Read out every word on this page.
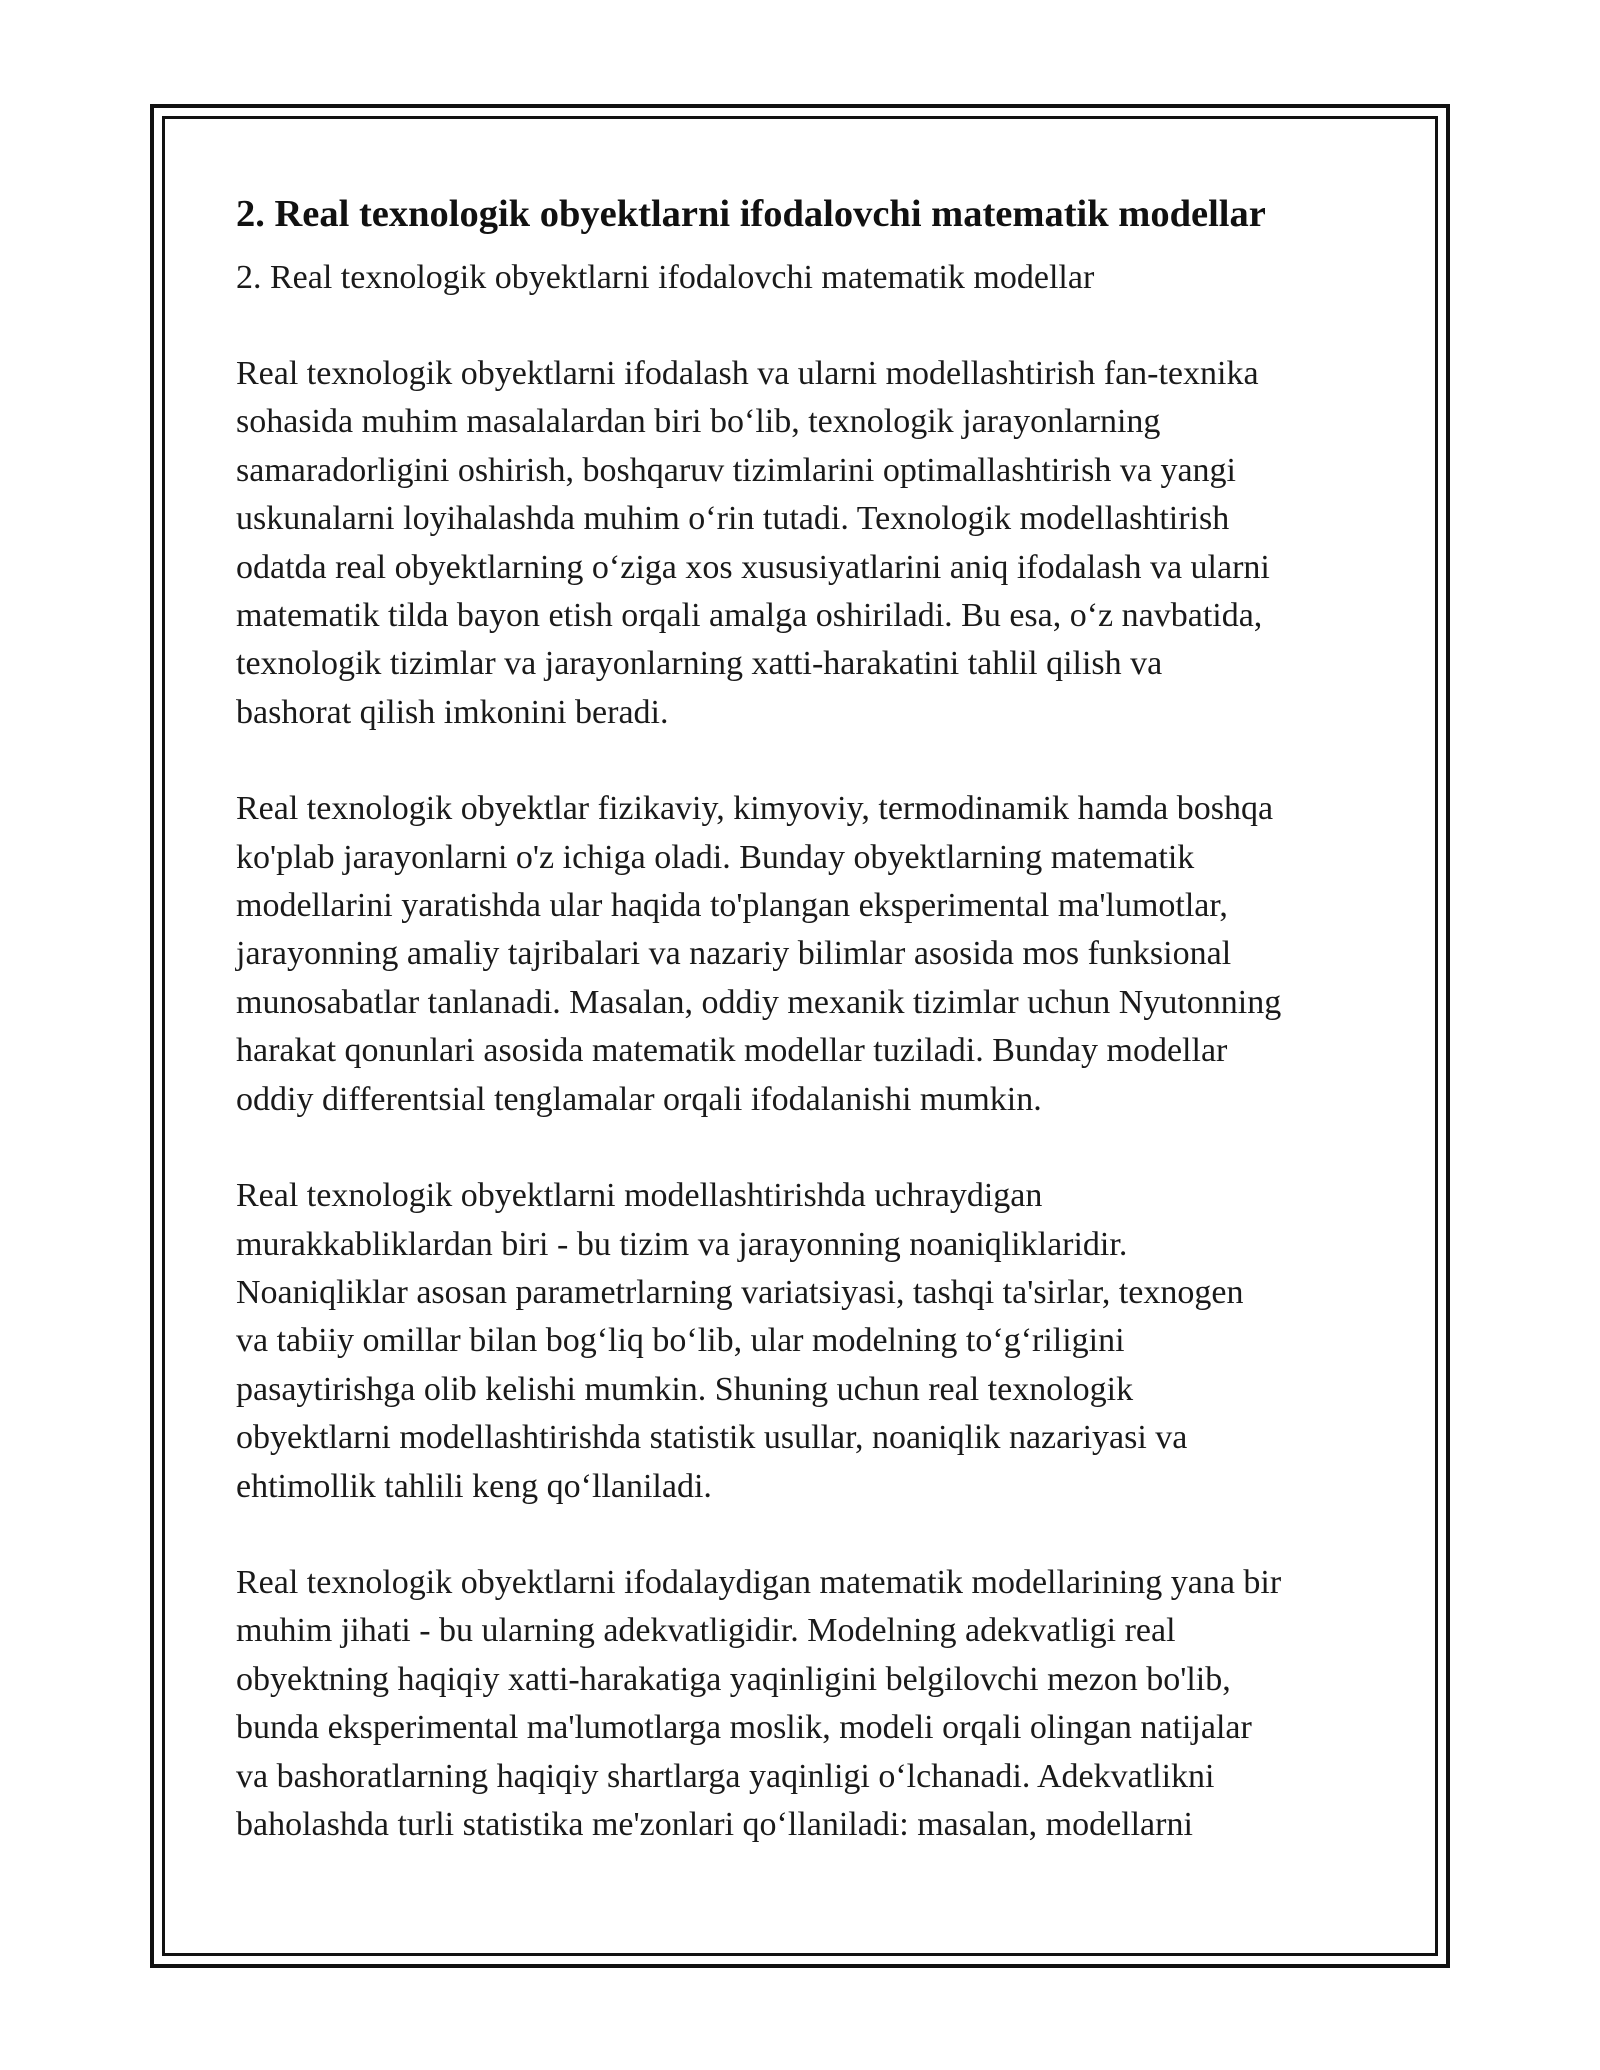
2. Real texnologik obyektlarni ifodalovchi matematik modellar

2. Real texnologik obyektlarni ifodalovchi matematik modellar

Real texnologik obyektlarni ifodalash va ularni modellashtirish fan-texnika
sohasida muhim masalalardan biri bo‘lib, texnologik jarayonlarning
samaradorligini oshirish, boshqaruv tizimlarini optimallashtirish va yangi
uskunalarni loyihalashda muhim o‘rin tutadi. Texnologik modellashtirish
odatda real obyektlarning o‘ziga xos xususiyatlarini aniq ifodalash va ularni
matematik tilda bayon etish orqali amalga oshiriladi. Bu esa, o‘z navbatida,
texnologik tizimlar va jarayonlarning xatti-harakatini tahlil qilish va
bashorat qilish imkonini beradi.

Real texnologik obyektlar fizikaviy, kimyoviy, termodinamik hamda boshqa
ko'plab jarayonlarni o'z ichiga oladi. Bunday obyektlarning matematik
modellarini yaratishda ular haqida to'plangan eksperimental ma'lumotlar,
jarayonning amaliy tajribalari va nazariy bilimlar asosida mos funksional
munosabatlar tanlanadi. Masalan, oddiy mexanik tizimlar uchun Nyutonning
harakat qonunlari asosida matematik modellar tuziladi. Bunday modellar
oddiy differentsial tenglamalar orqali ifodalanishi mumkin.

Real texnologik obyektlarni modellashtirishda uchraydigan
murakkabliklardan biri - bu tizim va jarayonning noaniqliklaridir.
Noaniqliklar asosan parametrlarning variatsiyasi, tashqi ta'sirlar, texnogen
va tabiiy omillar bilan bog‘liq bo‘lib, ular modelning to‘g‘riligini
pasaytirishga olib kelishi mumkin. Shuning uchun real texnologik
obyektlarni modellashtirishda statistik usullar, noaniqlik nazariyasi va
ehtimollik tahlili keng qo‘llaniladi.

Real texnologik obyektlarni ifodalaydigan matematik modellarining yana bir
muhim jihati - bu ularning adekvatligidir. Modelning adekvatligi real
obyektning haqiqiy xatti-harakatiga yaqinligini belgilovchi mezon bo'lib,
bunda eksperimental ma'lumotlarga moslik, modeli orqali olingan natijalar
va bashoratlarning haqiqiy shartlarga yaqinligi o‘lchanadi. Adekvatlikni
baholashda turli statistika me'zonlari qo‘llaniladi: masalan, modellarni
